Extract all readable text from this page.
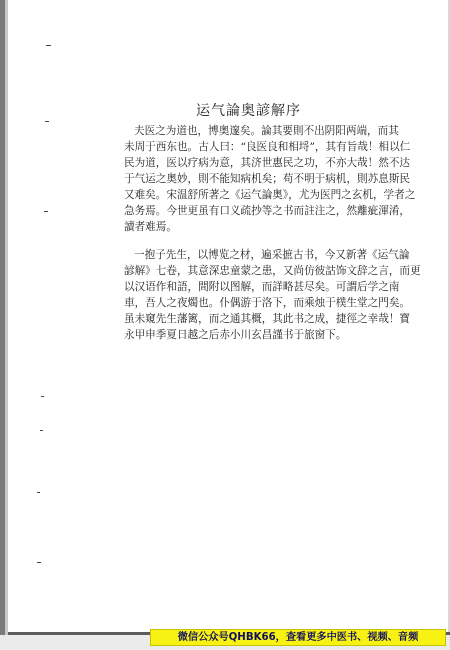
运气論奥諺解序
夫医之为道也，博奥邃矣。論其要則不出阴阳两端，而其
未周于西东也。古人曰：“良医良和相埒”，其有旨哉！相以仁
民为道，医以疗病为意，其济世惠民之功，不亦大哉！然不达
于气运之奥妙，則不能知病机矣；苟不明于病机，則苏息斯民
又难矣。宋温舒所著之《运气論奥》，尤为医門之玄机，学者之
急务焉。今世更虽有口义疏抄等之书而註注之，然離疵渾淆，
讀者难焉。
一抱子先生，以博览之材，遍采摭古书，今又新著《运气論
諺解》七卷，其意深忠童蒙之患，又尚仿彼詁饰文辞之言，而更
以汉语作和語，間附以图解，而詳略甚尽矣。可謂后学之南
車，吾人之夜燭也。仆偶游于洛下，而乘烛于樸生堂之門矣。
虽未窺先生藩篱，而之通其概，其此书之成，捷徑之幸哉！寶
永甲申季夏日越之后赤小川玄昌謹书于旅窗下。
微信公众号QHBK66，查看更多中医书、视频、音频
